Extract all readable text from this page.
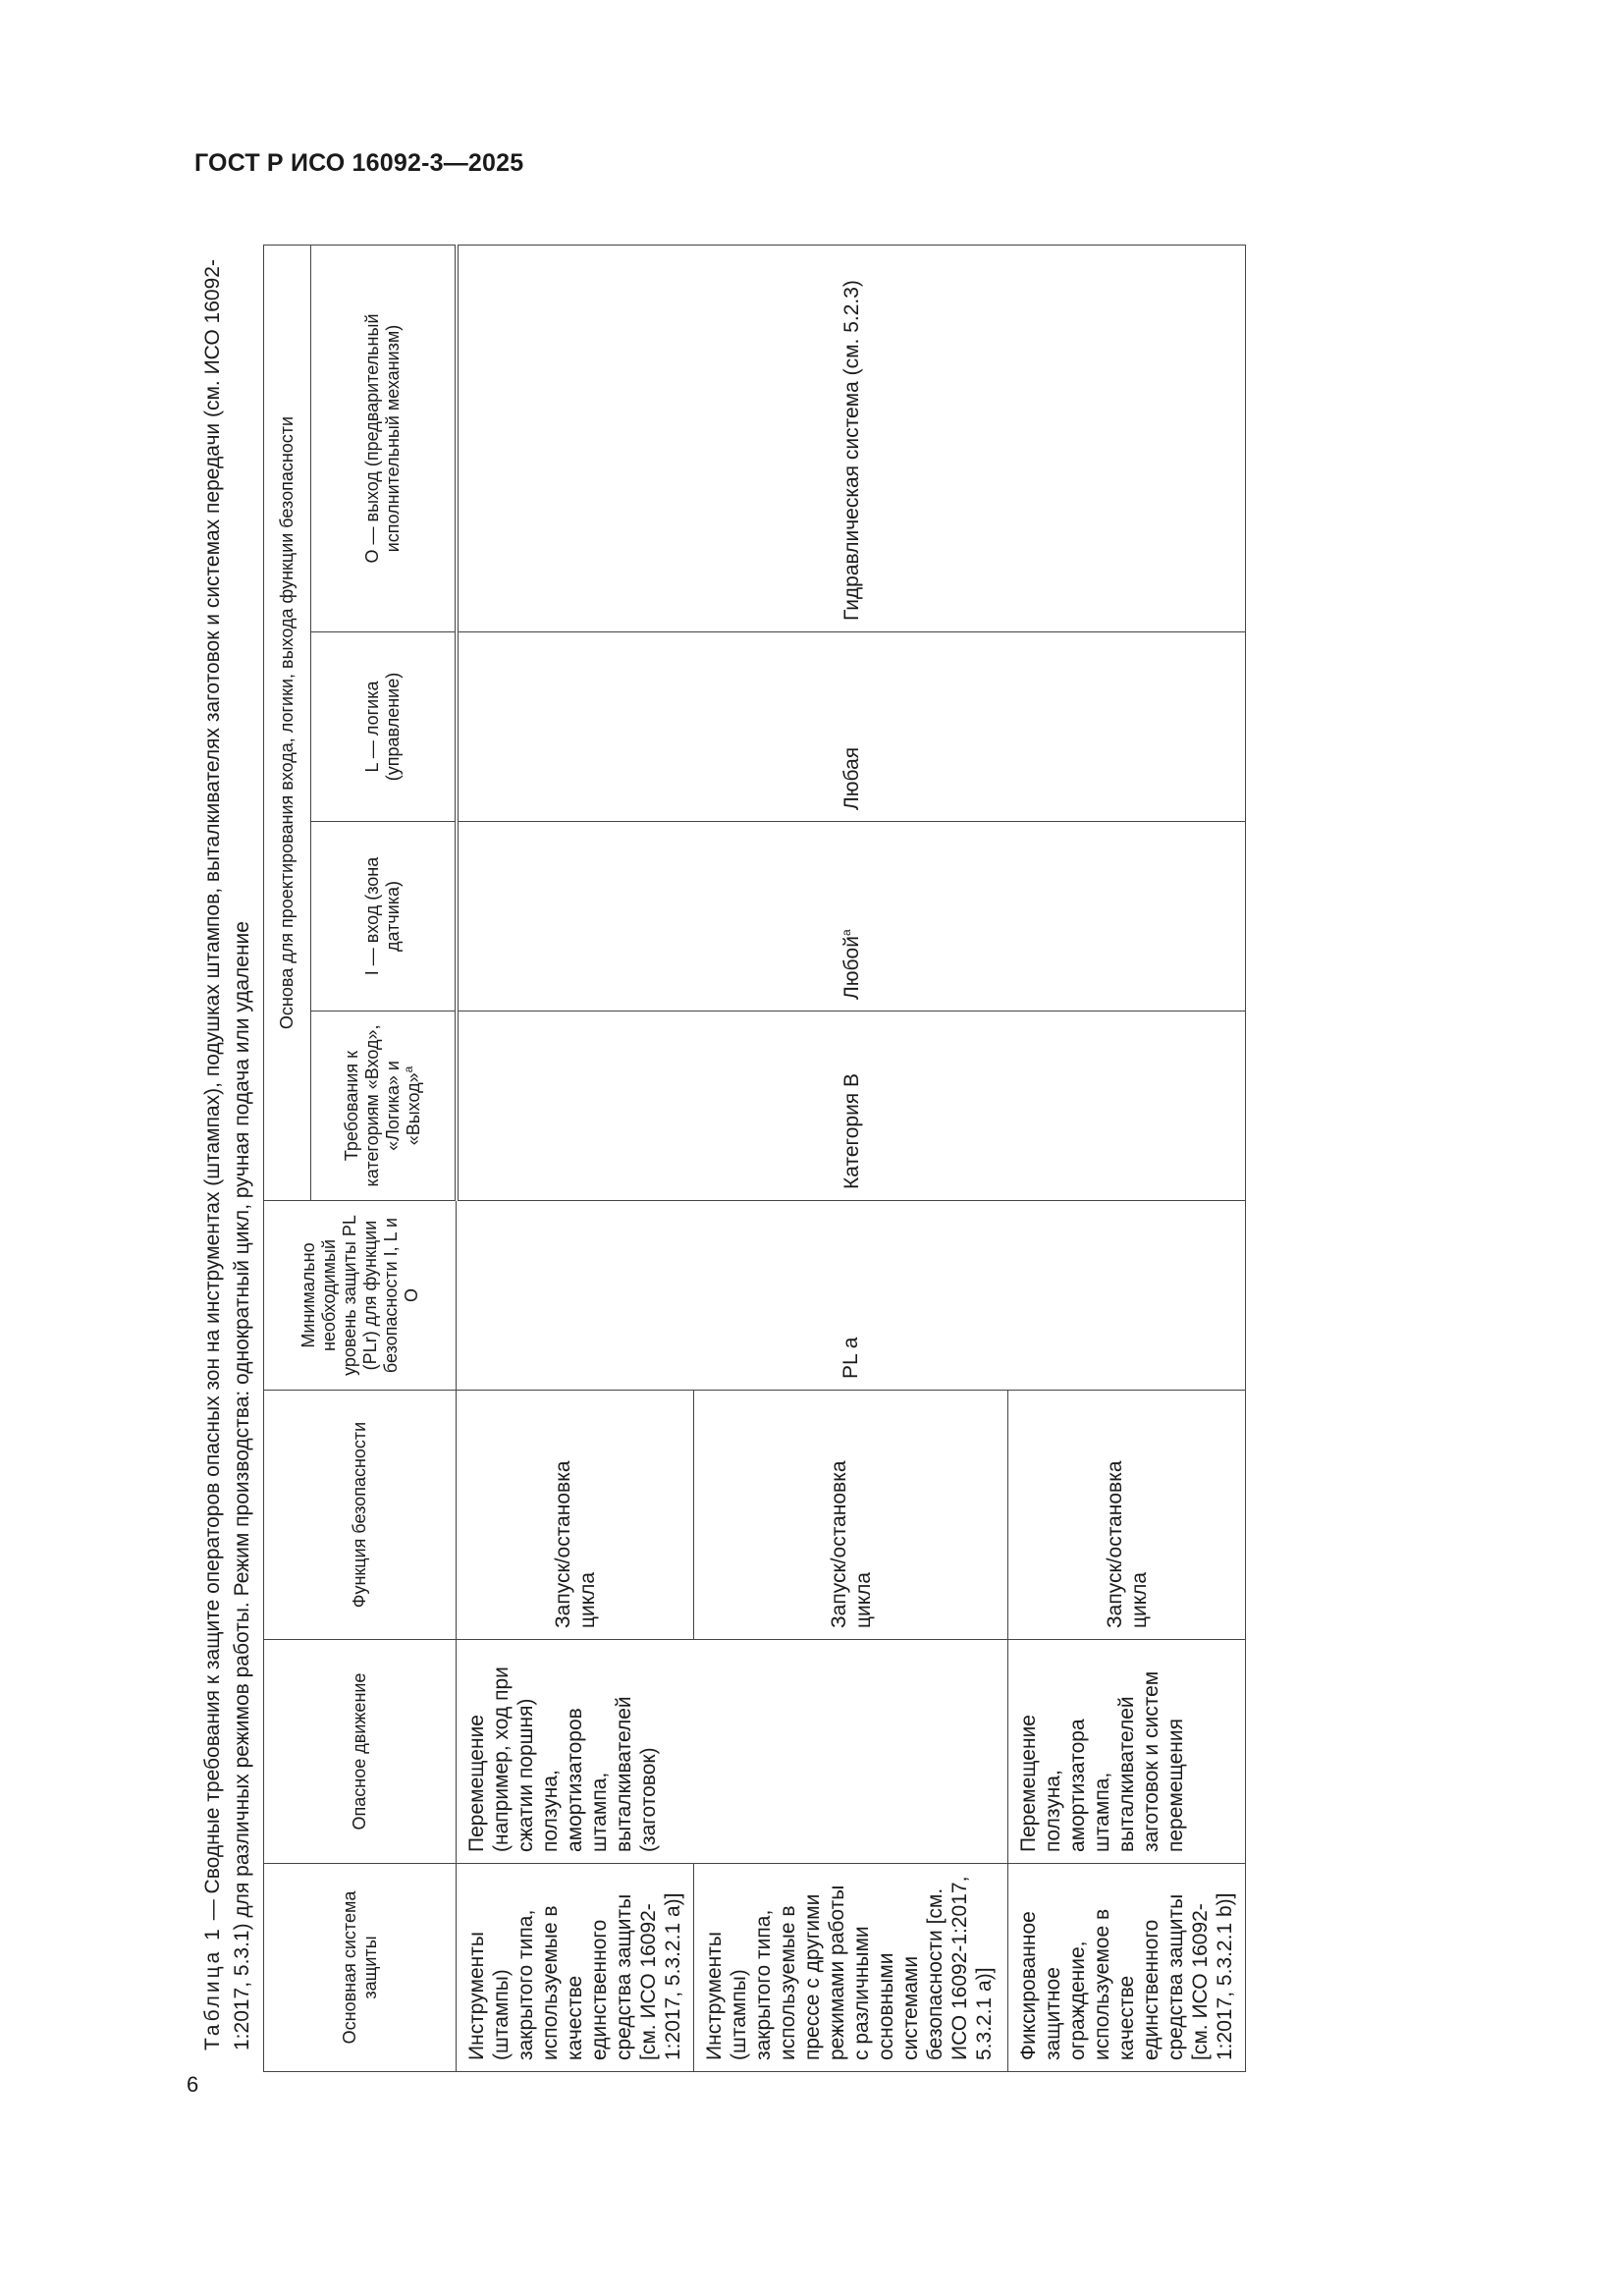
ГОСТ Р ИСО 16092-3—2025
6
Таблица 1 — Сводные требования к защите операторов опасных зон на инструментах (штампах), подушках штампов, выталкивателях заготовок и системах передачи (см. ИСО 16092-1:2017, 5.3.1) для различных режимов работы. Режим производства: однократный цикл, ручная подача или удаление	Основная система защиты	Опасное движение	Функция безопасности	Минимально необходимый уровень защиты PL (PLr) для функции безопасности I, L и O	Основа для проектирования входа, логики, выхода функции безопасности			
				Требования к категориям «Вход», «Логика» и «Выход»$^a$	I — вход (зона датчика)	L — логика (управление)	O — выход (предварительный исполнительный механизм)
Инструменты (штампы) закрытого типа, используемые в качестве единственного средства защиты [см. ИСО 16092-1:2017, 5.3.2.1 a)]	Перемещение (например, ход при сжатии поршня) ползуна, амортизаторов штампа, выталкивателей (заготовок)	Запуск/остановка цикла	PL a	Категория B	Любой$^a$	Любая	Гидравлическая система (см. 5.2.3)
Инструменты (штампы) закрытого типа, используемые в прессе с другими режимами работы с различными основными системами безопасности [см. ИСО 16092-1:2017, 5.3.2.1 a)]		Запуск/остановка цикла					
Фиксированное защитное ограждение, используемое в качестве единственного средства защиты [см. ИСО 16092-1:2017, 5.3.2.1 b)]	Перемещение ползуна, амортизатора штампа, выталкивателей заготовок и систем перемещения	Запуск/остановка цикла					
